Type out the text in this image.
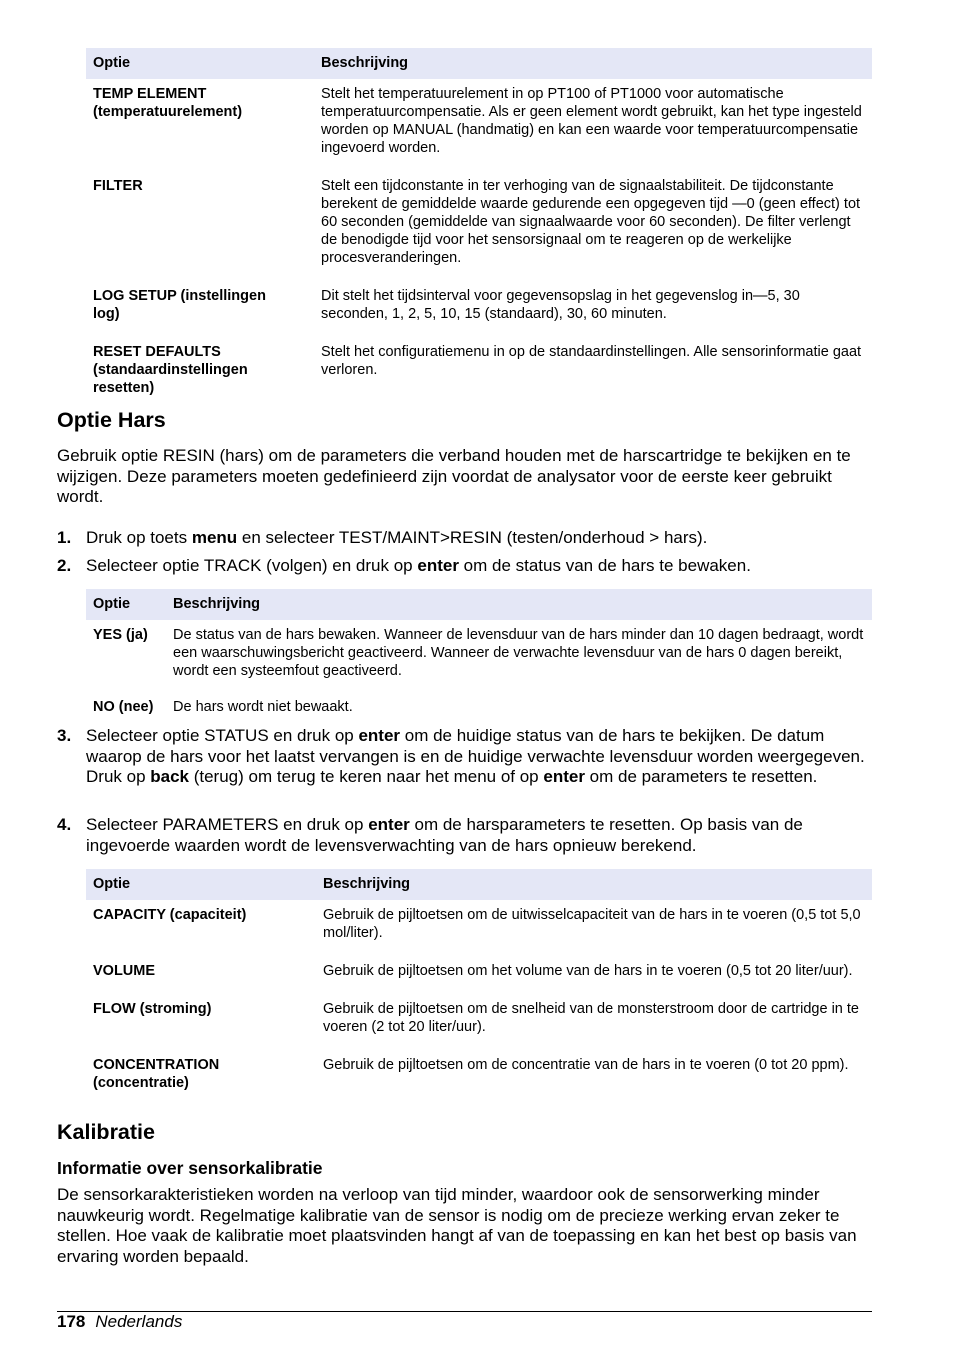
Optie	Beschrijving
TEMP ELEMENT (temperatuurelement)	Stelt het temperatuurelement in op PT100 of PT1000 voor automatische temperatuurcompensatie. Als er geen element wordt gebruikt, kan het type ingesteld worden op MANUAL (handmatig) en kan een waarde voor temperatuurcompensatie ingevoerd worden.
FILTER	Stelt een tijdconstante in ter verhoging van de signaalstabiliteit. De tijdconstante berekent de gemiddelde waarde gedurende een opgegeven tijd —0 (geen effect) tot 60 seconden (gemiddelde van signaalwaarde voor 60 seconden). De filter verlengt de benodigde tijd voor het sensorsignaal om te reageren op de werkelijke procesveranderingen.
LOG SETUP (instellingen log)	Dit stelt het tijdsinterval voor gegevensopslag in het gegevenslog in—5, 30 seconden, 1, 2, 5, 10, 15 (standaard), 30, 60 minuten.
RESET DEFAULTS (standaardinstellingen resetten)	Stelt het configuratiemenu in op de standaardinstellingen. Alle sensorinformatie gaat verloren.
Optie Hars

Gebruik optie RESIN (hars) om de parameters die verband houden met de harscartridge te bekijken en te wijzigen. Deze parameters moeten gedefinieerd zijn voordat de analysator voor de eerste keer gebruikt wordt.

1. Druk op toets menu en selecteer TEST/MAINT>RESIN (testen/onderhoud > hars).
2. Selecteer optie TRACK (volgen) en druk op enter om de status van de hars te bewaken.
Optie	Beschrijving
YES (ja)	De status van de hars bewaken. Wanneer de levensduur van de hars minder dan 10 dagen bedraagt, wordt een waarschuwingsbericht geactiveerd. Wanneer de verwachte levensduur van de hars 0 dagen bereikt, wordt een systeemfout geactiveerd.
NO (nee)	De hars wordt niet bewaakt.
3. Selecteer optie STATUS en druk op enter om de huidige status van de hars te bekijken. De datum waarop de hars voor het laatst vervangen is en de huidige verwachte levensduur worden weergegeven. Druk op back (terug) om terug te keren naar het menu of op enter om de parameters te resetten.
4. Selecteer PARAMETERS en druk op enter om de harsparameters te resetten. Op basis van de ingevoerde waarden wordt de levensverwachting van de hars opnieuw berekend.
Optie	Beschrijving
CAPACITY (capaciteit)	Gebruik de pijltoetsen om de uitwisselcapaciteit van de hars in te voeren (0,5 tot 5,0 mol/liter).
VOLUME	Gebruik de pijltoetsen om het volume van de hars in te voeren (0,5 tot 20 liter/uur).
FLOW (stroming)	Gebruik de pijltoetsen om de snelheid van de monsterstroom door de cartridge in te voeren (2 tot 20 liter/uur).
CONCENTRATION (concentratie)	Gebruik de pijltoetsen om de concentratie van de hars in te voeren (0 tot 20 ppm).
Kalibratie
Informatie over sensorkalibratie

De sensorkarakteristieken worden na verloop van tijd minder, waardoor ook de sensorwerking minder nauwkeurig wordt. Regelmatige kalibratie van de sensor is nodig om de precieze werking ervan zeker te stellen. Hoe vaak de kalibratie moet plaatsvinden hangt af van de toepassing en kan het best op basis van ervaring worden bepaald.

178 Nederlands
